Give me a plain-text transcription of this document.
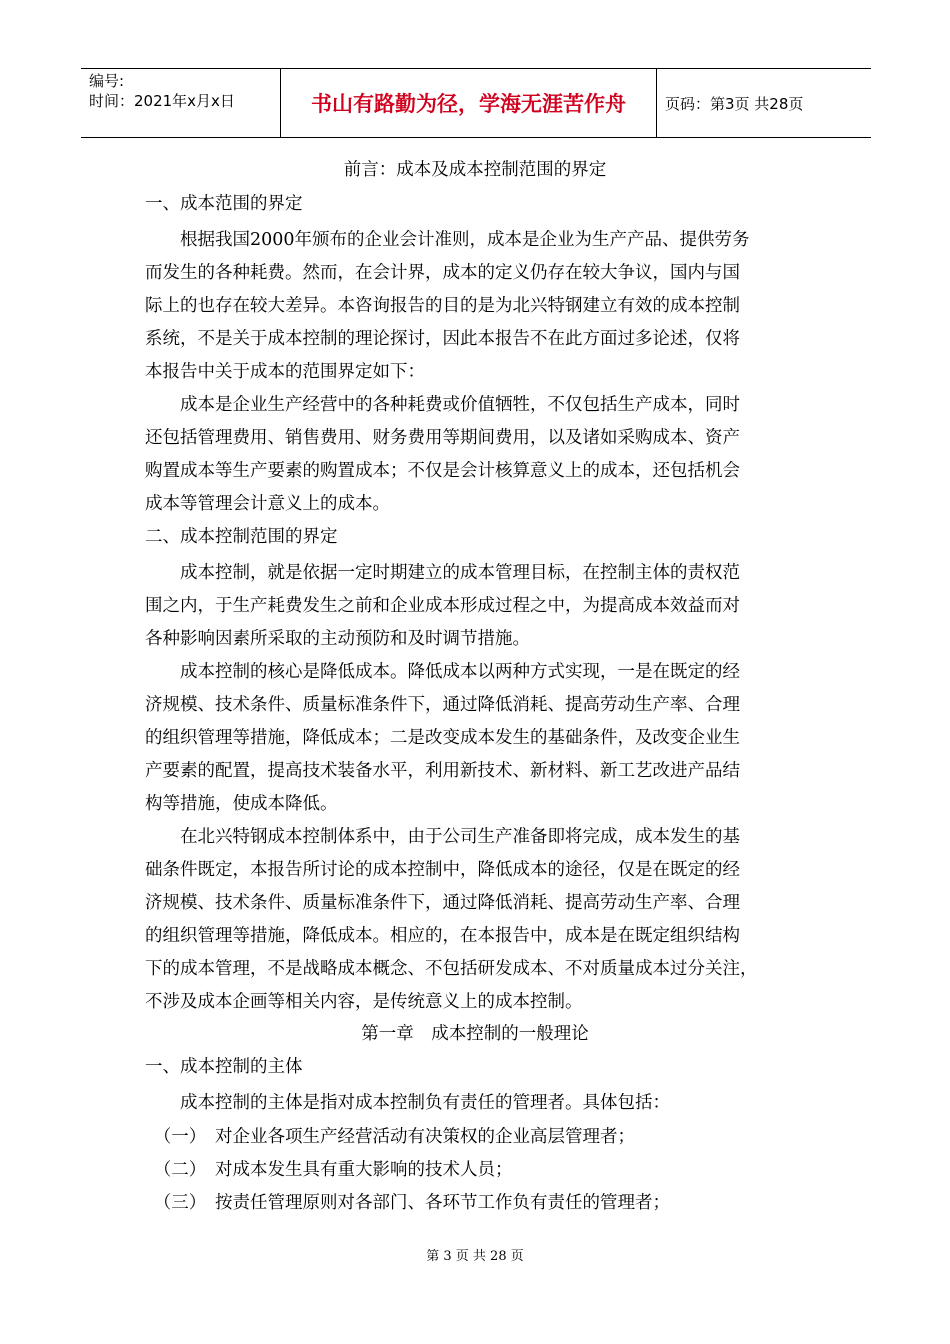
编号:
时间：2021年x月x日	书山有路勤为径，学海无涯苦作舟	页码：第3页 共28页
前言：成本及成本控制范围的界定
一、成本范围的界定
　　根据我国2000年颁布的企业会计准则，成本是企业为生产产品、提供劳务
而发生的各种耗费。然而，在会计界，成本的定义仍存在较大争议，国内与国
际上的也存在较大差异。本咨询报告的目的是为北兴特钢建立有效的成本控制
系统，不是关于成本控制的理论探讨，因此本报告不在此方面过多论述，仅将
本报告中关于成本的范围界定如下：
　　成本是企业生产经营中的各种耗费或价值牺牲，不仅包括生产成本，同时
还包括管理费用、销售费用、财务费用等期间费用，以及诸如采购成本、资产
购置成本等生产要素的购置成本；不仅是会计核算意义上的成本，还包括机会
成本等管理会计意义上的成本。
二、成本控制范围的界定
　　成本控制，就是依据一定时期建立的成本管理目标，在控制主体的责权范
围之内，于生产耗费发生之前和企业成本形成过程之中，为提高成本效益而对
各种影响因素所采取的主动预防和及时调节措施。
　　成本控制的核心是降低成本。降低成本以两种方式实现，一是在既定的经
济规模、技术条件、质量标准条件下，通过降低消耗、提高劳动生产率、合理
的组织管理等措施，降低成本；二是改变成本发生的基础条件，及改变企业生
产要素的配置，提高技术装备水平，利用新技术、新材料、新工艺改进产品结
构等措施，使成本降低。
　　在北兴特钢成本控制体系中，由于公司生产准备即将完成，成本发生的基
础条件既定，本报告所讨论的成本控制中，降低成本的途径，仅是在既定的经
济规模、技术条件、质量标准条件下，通过降低消耗、提高劳动生产率、合理
的组织管理等措施，降低成本。相应的，在本报告中，成本是在既定组织结构
下的成本管理，不是战略成本概念、不包括研发成本、不对质量成本过分关注，
不涉及成本企画等相关内容，是传统意义上的成本控制。
第一章　成本控制的一般理论
一、成本控制的主体
　　成本控制的主体是指对成本控制负有责任的管理者。具体包括：
　（一）　对企业各项生产经营活动有决策权的企业高层管理者；
　（二）　对成本发生具有重大影响的技术人员；
　（三）　按责任管理原则对各部门、各环节工作负有责任的管理者；
第 3 页 共 28 页
